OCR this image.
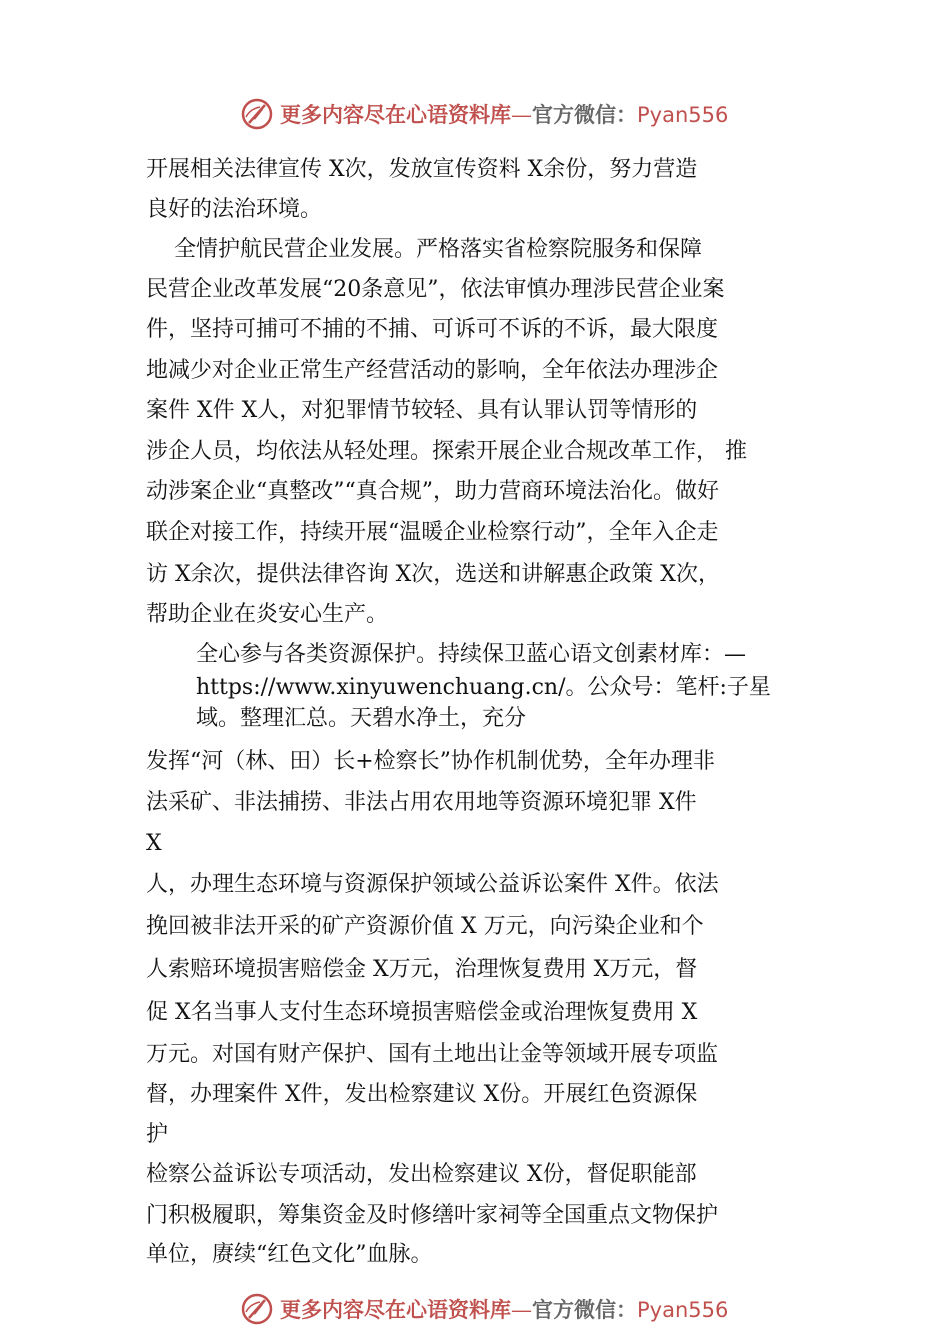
更多内容尽在心语资料库—官方微信：Pyan556
开展相关法律宣传 X次，发放宣传资料 X余份，努力营造
良好的法治环境。
全情护航民营企业发展。严格落实省检察院服务和保障
民营企业改革发展“20条意见”，依法审慎办理涉民营企业案
件，坚持可捕可不捕的不捕、可诉可不诉的不诉，最大限度
地减少对企业正常生产经营活动的影响，全年依法办理涉企
案件 X件 X人，对犯罪情节较轻、具有认罪认罚等情形的
涉企人员，均依法从轻处理。探索开展企业合规改革工作， 推
动涉案企业“真整改”“真合规”，助力营商环境法治化。做好
联企对接工作，持续开展“温暖企业检察行动”，全年入企走
访 X余次，提供法律咨询 X次，选送和讲解惠企政策 X次，
帮助企业在炎安心生产。
全心参与各类资源保护。持续保卫蓝心语文创素材库：—
https://www.xinyuwenchuang.cn/。公众号：笔杆:子星
域。整理汇总。天碧水净土，充分
发挥“河（林、田）长+检察长”协作机制优势，全年办理非
法采矿、非法捕捞、非法占用农用地等资源环境犯罪 X件
X
人，办理生态环境与资源保护领域公益诉讼案件 X件。依法
挽回被非法开采的矿产资源价值 X 万元，向污染企业和个
人索赔环境损害赔偿金 X万元，治理恢复费用 X万元，督
促 X名当事人支付生态环境损害赔偿金或治理恢复费用 X
万元。对国有财产保护、国有土地出让金等领域开展专项监
督，办理案件 X件，发出检察建议 X份。开展红色资源保
护
检察公益诉讼专项活动，发出检察建议 X份，督促职能部
门积极履职，筹集资金及时修缮叶家祠等全国重点文物保护
单位，赓续“红色文化”血脉。
更多内容尽在心语资料库—官方微信：Pyan556
